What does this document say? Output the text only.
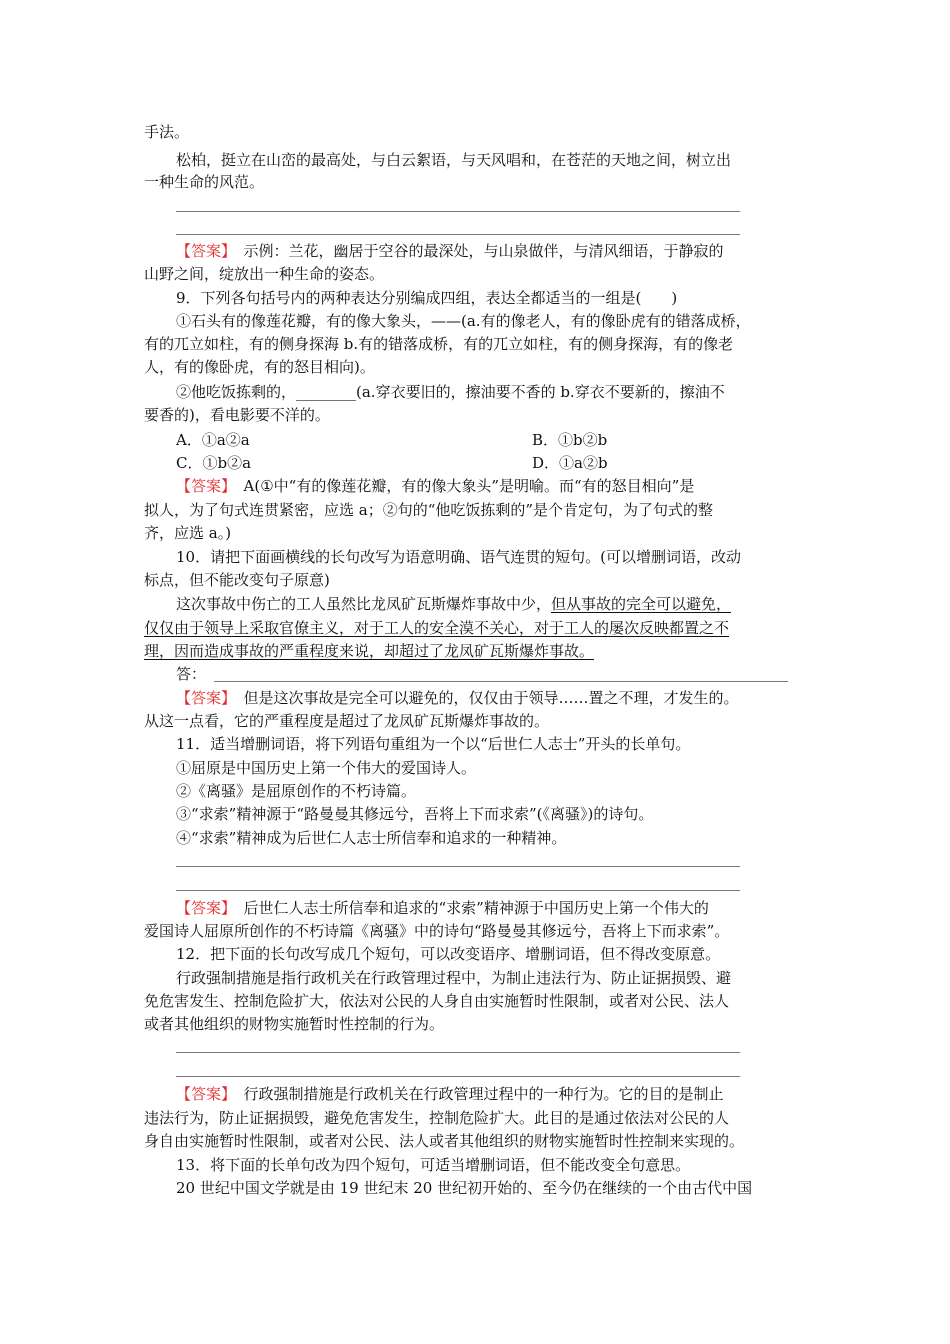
手法。
松柏，挺立在山峦的最高处，与白云絮语，与天风唱和，在苍茫的天地之间，树立出
一种生命的风范。
【答案】　示例：兰花，幽居于空谷的最深处，与山泉做伴，与清风细语，于静寂的
山野之间，绽放出一种生命的姿态。
9．下列各句括号内的两种表达分别编成四组，表达全都适当的一组是(　　)
①石头有的像莲花瓣，有的像大象头，——(a.有的像老人，有的像卧虎有的错落成桥，
有的兀立如柱，有的侧身探海 b.有的错落成桥，有的兀立如柱，有的侧身探海，有的像老
人，有的像卧虎，有的怒目相向)。
②他吃饭拣剩的，________(a.穿衣要旧的，擦油要不香的 b.穿衣不要新的，擦油不
要香的)，看电影要不洋的。
A．①a②a	B．①b②b
C．①b②a	D．①a②b
【答案】　A(①中“有的像莲花瓣，有的像大象头”是明喻。而“有的怒目相向”是
拟人，为了句式连贯紧密，应选 a；②句的“他吃饭拣剩的”是个肯定句，为了句式的整
齐，应选 a。)
10．请把下面画横线的长句改写为语意明确、语气连贯的短句。(可以增删词语，改动
标点，但不能改变句子原意)
这次事故中伤亡的工人虽然比龙凤矿瓦斯爆炸事故中少，但从事故的完全可以避免，
仅仅由于领导上采取官僚主义，对于工人的安全漠不关心，对于工人的屡次反映都置之不
理，因而造成事故的严重程度来说，却超过了龙凤矿瓦斯爆炸事故。
答：
【答案】　但是这次事故是完全可以避免的，仅仅由于领导……置之不理，才发生的。
从这一点看，它的严重程度是超过了龙凤矿瓦斯爆炸事故的。
11．适当增删词语，将下列语句重组为一个以“后世仁人志士”开头的长单句。
①屈原是中国历史上第一个伟大的爱国诗人。
②《离骚》是屈原创作的不朽诗篇。
③“求索”精神源于“路曼曼其修远兮，吾将上下而求索”(《离骚》)的诗句。
④“求索”精神成为后世仁人志士所信奉和追求的一种精神。
【答案】　后世仁人志士所信奉和追求的“求索”精神源于中国历史上第一个伟大的
爱国诗人屈原所创作的不朽诗篇《离骚》中的诗句“路曼曼其修远兮，吾将上下而求索”。
12．把下面的长句改写成几个短句，可以改变语序、增删词语，但不得改变原意。
行政强制措施是指行政机关在行政管理过程中，为制止违法行为、防止证据损毁、避
免危害发生、控制危险扩大，依法对公民的人身自由实施暂时性限制，或者对公民、法人
或者其他组织的财物实施暂时性控制的行为。
【答案】　行政强制措施是行政机关在行政管理过程中的一种行为。它的目的是制止
违法行为，防止证据损毁，避免危害发生，控制危险扩大。此目的是通过依法对公民的人
身自由实施暂时性限制，或者对公民、法人或者其他组织的财物实施暂时性控制来实现的。
13．将下面的长单句改为四个短句，可适当增删词语，但不能改变全句意思。
20 世纪中国文学就是由 19 世纪末 20 世纪初开始的、至今仍在继续的一个由古代中国
